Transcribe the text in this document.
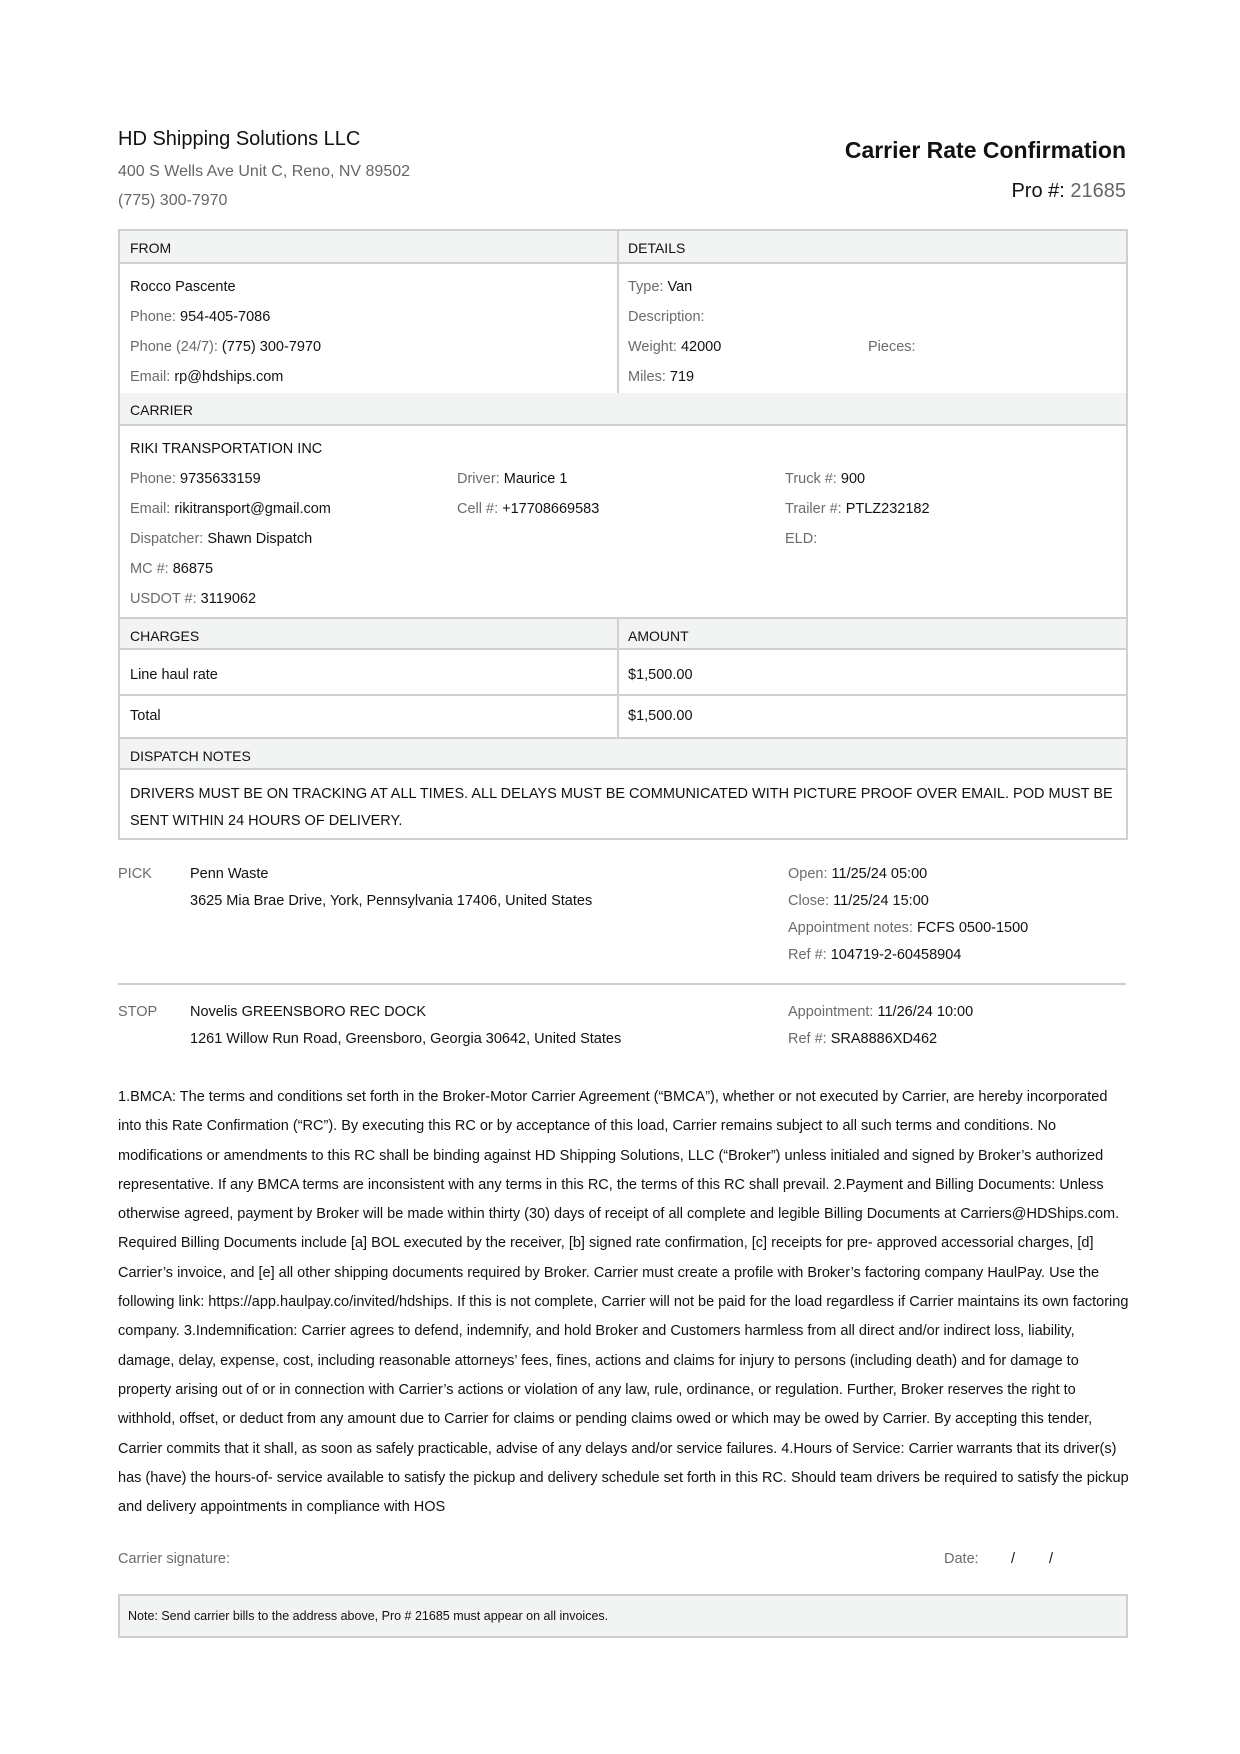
HD Shipping Solutions LLC
400 S Wells Ave Unit C, Reno, NV 89502
(775) 300-7970
Carrier Rate Confirmation
Pro #: 21685
FROM	DETAILS
Rocco Pascente
Phone: 954-405-7086
Phone (24/7): (775) 300-7970
Email: rp@hdships.com
Type: Van
Description:
Weight: 42000	Pieces:
Miles: 719
CARRIER
RIKI TRANSPORTATION INC
Phone: 9735633159
Email: rikitransport@gmail.com
Dispatcher: Shawn Dispatch
MC #: 86875
USDOT #: 3119062
Driver: Maurice 1
Cell #: +17708669583
Truck #: 900
Trailer #: PTLZ232182
ELD:
CHARGES	AMOUNT
Line haul rate	$1,500.00
Total	$1,500.00
DISPATCH NOTES
DRIVERS MUST BE ON TRACKING AT ALL TIMES. ALL DELAYS MUST BE COMMUNICATED WITH PICTURE PROOF OVER EMAIL. POD MUST BE SENT WITHIN 24 HOURS OF DELIVERY.
PICK	Penn Waste
3625 Mia Brae Drive, York, Pennsylvania 17406, United States
Open: 11/25/24 05:00
Close: 11/25/24 15:00
Appointment notes: FCFS 0500-1500
Ref #: 104719-2-60458904
STOP Novelis GREENSBORO REC DOCK
1261 Willow Run Road, Greensboro, Georgia 30642, United States
Appointment: 11/26/24 10:00
Ref #: SRA8886XD462
1.BMCA: The terms and conditions set forth in the Broker-Motor Carrier Agreement (“BMCA”), whether or not executed by Carrier, are hereby incorporated into this Rate Confirmation (“RC”). By executing this RC or by acceptance of this load, Carrier remains subject to all such terms and conditions. No modifications or amendments to this RC shall be binding against HD Shipping Solutions, LLC (“Broker”) unless initialed and signed by Broker’s authorized representative. If any BMCA terms are inconsistent with any terms in this RC, the terms of this RC shall prevail. 2.Payment and Billing Documents: Unless otherwise agreed, payment by Broker will be made within thirty (30) days of receipt of all complete and legible Billing Documents at Carriers@HDShips.com. Required Billing Documents include [a] BOL executed by the receiver, [b] signed rate confirmation, [c] receipts for pre- approved accessorial charges, [d] Carrier’s invoice, and [e] all other shipping documents required by Broker. Carrier must create a profile with Broker’s factoring company HaulPay. Use the following link: https://app.haulpay.co/invited/hdships. If this is not complete, Carrier will not be paid for the load regardless if Carrier maintains its own factoring company. 3.Indemnification: Carrier agrees to defend, indemnify, and hold Broker and Customers harmless from all direct and/or indirect loss, liability, damage, delay, expense, cost, including reasonable attorneys’ fees, fines, actions and claims for injury to persons (including death) and for damage to property arising out of or in connection with Carrier’s actions or violation of any law, rule, ordinance, or regulation. Further, Broker reserves the right to withhold, offset, or deduct from any amount due to Carrier for claims or pending claims owed or which may be owed by Carrier. By accepting this tender, Carrier commits that it shall, as soon as safely practicable, advise of any delays and/or service failures. 4.Hours of Service: Carrier warrants that its driver(s) has (have) the hours-of- service available to satisfy the pickup and delivery schedule set forth in this RC. Should team drivers be required to satisfy the pickup and delivery appointments in compliance with HOS
Carrier signature:	Date: / /
Note: Send carrier bills to the address above, Pro # 21685 must appear on all invoices.
